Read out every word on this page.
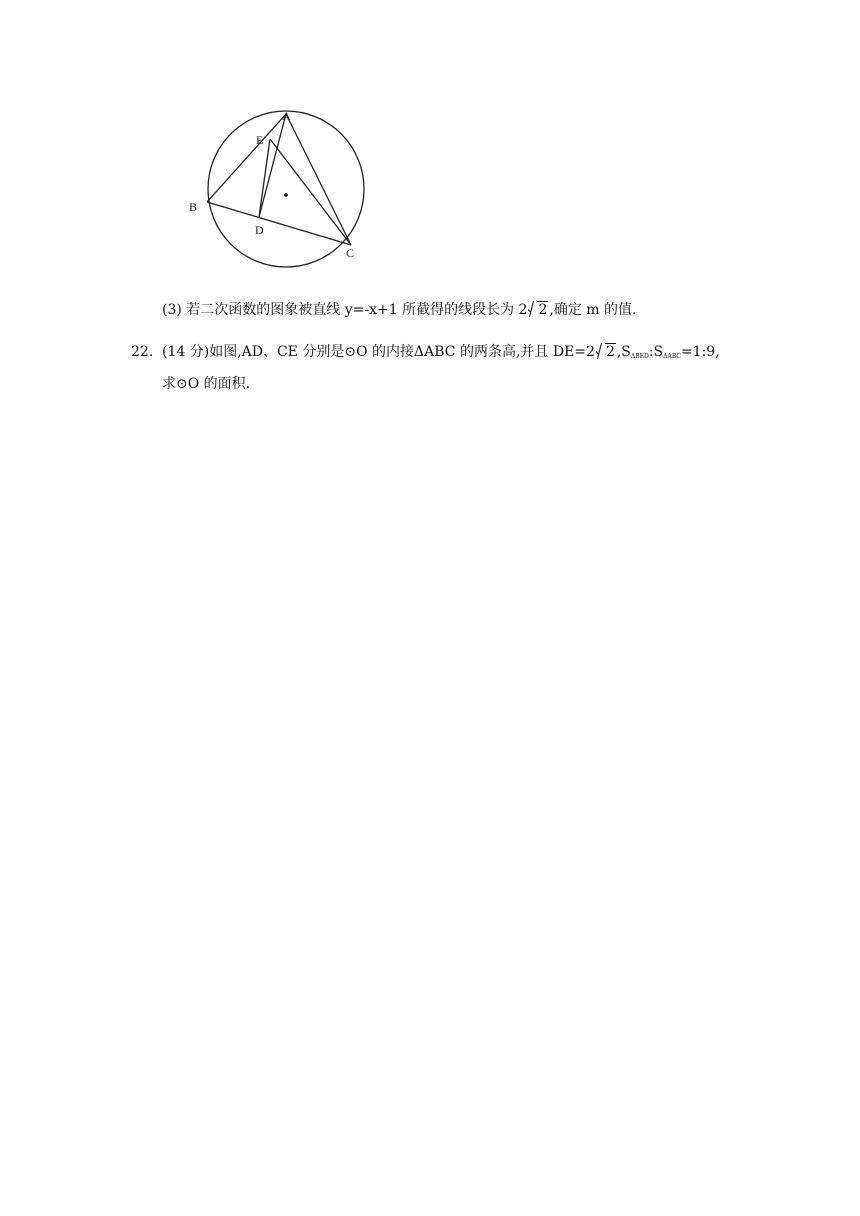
A
E
B
D
C
(3) 若二次函数的图象被直线 y=-x+1 所截得的线段长为 2 2 ,确定 m 的值.
22. (14 分)如图,AD、CE 分别是⊙O 的内接ΔABC 的两条高,并且 DE=2 2 $,S_{\Delta BED}:S_{\Delta ABC}=1:9$,
求⊙O 的面积.
